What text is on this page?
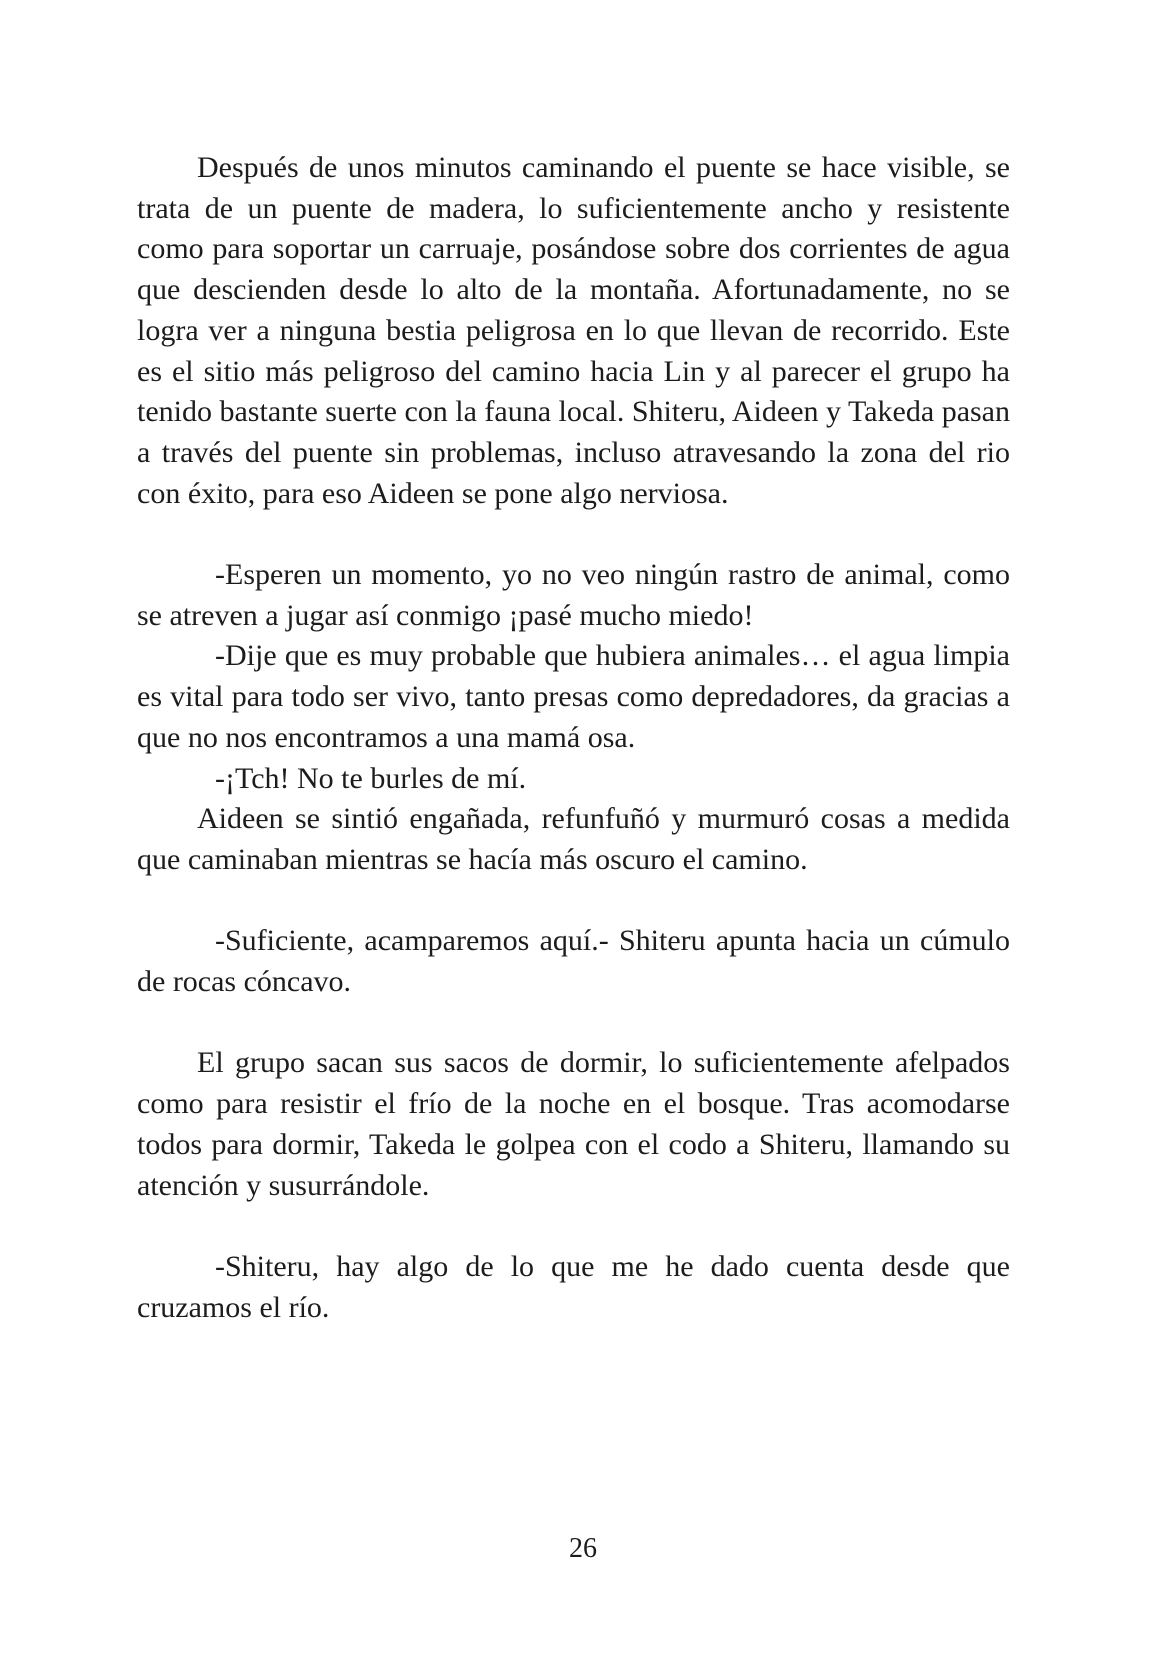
Después de unos minutos caminando el puente se hace visible, se trata de un puente de madera, lo suficientemente ancho y resistente como para soportar un carruaje, posándose sobre dos corrientes de agua que descienden desde lo alto de la montaña. Afortunadamente, no se logra ver a ninguna bestia peligrosa en lo que llevan de recorrido. Este es el sitio más peligroso del camino hacia Lin y al parecer el grupo ha tenido bastante suerte con la fauna local. Shiteru, Aideen y Takeda pasan a través del puente sin problemas, incluso atravesando la zona del rio con éxito, para eso Aideen se pone algo nerviosa.

-Esperen un momento, yo no veo ningún rastro de animal, como se atreven a jugar así conmigo ¡pasé mucho miedo!

-Dije que es muy probable que hubiera animales… el agua limpia es vital para todo ser vivo, tanto presas como depredadores, da gracias a que no nos encontramos a una mamá osa.

-¡Tch! No te burles de mí.

Aideen se sintió engañada, refunfuñó y murmuró cosas a medida que caminaban mientras se hacía más oscuro el camino.

-Suficiente, acamparemos aquí.- Shiteru apunta hacia un cúmulo de rocas cóncavo.

El grupo sacan sus sacos de dormir, lo suficientemente afelpados como para resistir el frío de la noche en el bosque. Tras acomodarse todos para dormir, Takeda le golpea con el codo a Shiteru, llamando su atención y susurrándole.

-Shiteru, hay algo de lo que me he dado cuenta desde que cruzamos el río.

26
